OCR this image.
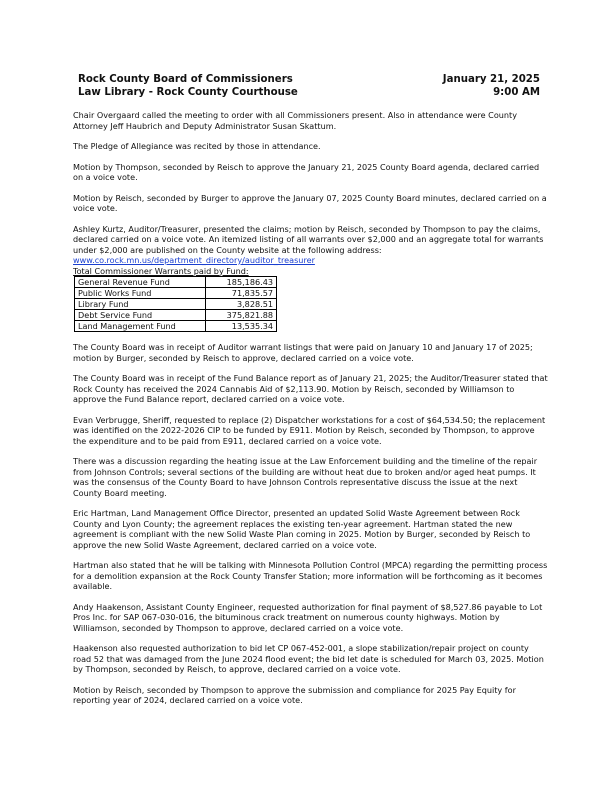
Rock County Board of Commissioners	January 21, 2025
Law Library - Rock County Courthouse	9:00 AM

Chair Overgaard called the meeting to order with all Commissioners present. Also in attendance were County Attorney Jeff Haubrich and Deputy Administrator Susan Skattum.

The Pledge of Allegiance was recited by those in attendance.

Motion by Thompson, seconded by Reisch to approve the January 21, 2025 County Board agenda, declared carried on a voice vote.

Motion by Reisch, seconded by Burger to approve the January 07, 2025 County Board minutes, declared carried on a voice vote.

Ashley Kurtz, Auditor/Treasurer, presented the claims; motion by Reisch, seconded by Thompson to pay the claims, declared carried on a voice vote. An itemized listing of all warrants over $2,000 and an aggregate total for warrants under $2,000 are published on the County website at the following address:
www.co.rock.mn.us/department_directory/auditor_treasurer
Total Commissioner Warrants paid by Fund:
General Revenue Fund	185,186.43
Public Works Fund	71,835.57
Library Fund	3,828.51
Debt Service Fund	375,821.88
Land Management Fund	13,535.34

The County Board was in receipt of Auditor warrant listings that were paid on January 10 and January 17 of 2025; motion by Burger, seconded by Reisch to approve, declared carried on a voice vote.

The County Board was in receipt of the Fund Balance report as of January 21, 2025; the Auditor/Treasurer stated that Rock County has received the 2024 Cannabis Aid of $2,113.90. Motion by Reisch, seconded by Williamson to approve the Fund Balance report, declared carried on a voice vote.

Evan Verbrugge, Sheriff, requested to replace (2) Dispatcher workstations for a cost of $64,534.50; the replacement was identified on the 2022-2026 CIP to be funded by E911. Motion by Reisch, seconded by Thompson, to approve the expenditure and to be paid from E911, declared carried on a voice vote.

There was a discussion regarding the heating issue at the Law Enforcement building and the timeline of the repair from Johnson Controls; several sections of the building are without heat due to broken and/or aged heat pumps. It was the consensus of the County Board to have Johnson Controls representative discuss the issue at the next County Board meeting.

Eric Hartman, Land Management Office Director, presented an updated Solid Waste Agreement between Rock County and Lyon County; the agreement replaces the existing ten-year agreement. Hartman stated the new agreement is compliant with the new Solid Waste Plan coming in 2025. Motion by Burger, seconded by Reisch to approve the new Solid Waste Agreement, declared carried on a voice vote.

Hartman also stated that he will be talking with Minnesota Pollution Control (MPCA) regarding the permitting process for a demolition expansion at the Rock County Transfer Station; more information will be forthcoming as it becomes available.

Andy Haakenson, Assistant County Engineer, requested authorization for final payment of $8,527.86 payable to Lot Pros Inc. for SAP 067-030-016, the bituminous crack treatment on numerous county highways. Motion by Williamson, seconded by Thompson to approve, declared carried on a voice vote.

Haakenson also requested authorization to bid let CP 067-452-001, a slope stabilization/repair project on county road 52 that was damaged from the June 2024 flood event; the bid let date is scheduled for March 03, 2025. Motion by Thompson, seconded by Reisch, to approve, declared carried on a voice vote.

Motion by Reisch, seconded by Thompson to approve the submission and compliance for 2025 Pay Equity for reporting year of 2024, declared carried on a voice vote.
